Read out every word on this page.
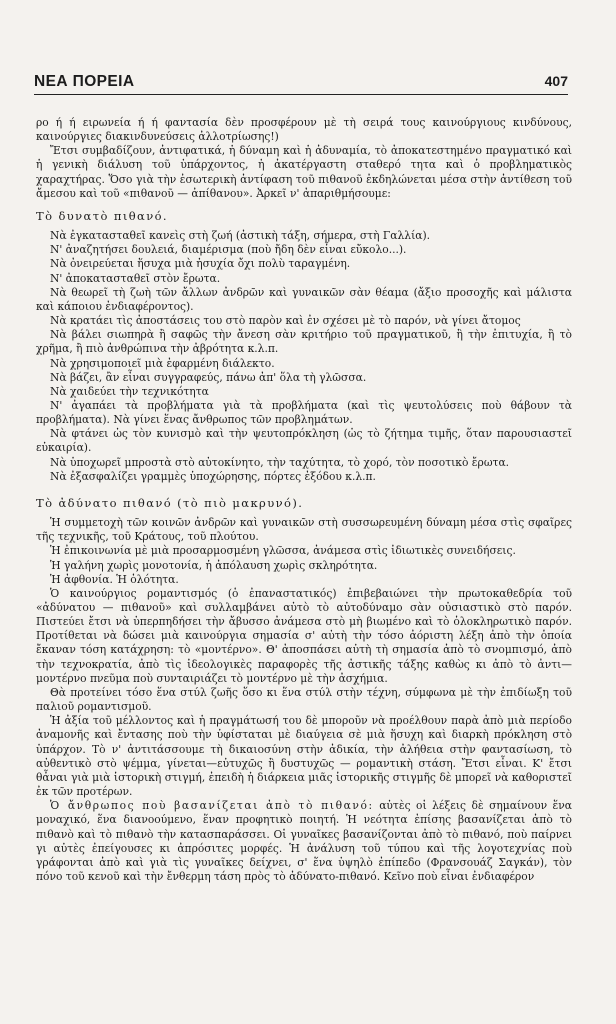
ΝΕΑ ΠΟΡΕΙΑ	407

ρο ή ή ειρωνεία ή ή φαντασία δὲν προσφέρουν μὲ τὴ σειρά τους καινούργιους κινδύνους, καινούργιες διακινδυνεύσεις ἀλλοτρίωσης!)

Ἔτσι συμβαδίζουν, ἀντιφατικά, ἡ δύναμη καὶ ἡ ἀδυναμία, τὸ ἀποκατεστημένο πραγματικό καὶ ἡ γενικὴ διάλυση τοῦ ὑπάρχοντος, ἡ ἀκατέργαστη σταθερό τητα καὶ ὁ προβληματικὸς χαραχτήρας. Ὅσο γιὰ τὴν ἐσωτερικὴ ἀντίφαση τοῦ πιθανοῦ ἐκδηλώνεται μέσα στὴν ἀντίθεση τοῦ ἄμεσου καὶ τοῦ «πιθανοῦ — ἀπίθανου». Ἀρκεῖ ν' ἀπαριθμήσουμε:

Τὸ δυνατὸ πιθανό.

Νὰ ἐγκατασταθεῖ κανεὶς στὴ ζωή (ἀστικὴ τάξη, σήμερα, στὴ Γαλλία).

Ν' ἀναζητήσει δουλειά, διαμέρισμα (ποὺ ἤδη δὲν εἶναι εὔκολο...).

Νὰ ὀνειρεύεται ἥσυχα μιὰ ἡσυχία ὄχι πολὺ ταραγμένη.

Ν' ἀποκατασταθεῖ στὸν ἔρωτα.

Νὰ θεωρεῖ τὴ ζωὴ τῶν ἄλλων ἀνδρῶν καὶ γυναικῶν σὰν θέαμα (ἄξιο προσοχῆς καὶ μάλιστα καὶ κάποιου ἐνδιαφέροντος).

Νὰ κρατάει τὶς ἀποστάσεις του στὸ παρὸν καὶ ἐν σχέσει μὲ τὸ παρόν, νὰ γίνει ἄτομος

Νὰ βάλει σιωπηρὰ ἢ σαφῶς τὴν ἄνεση σὰν κριτήριο τοῦ πραγματικοῦ, ἢ τὴν ἐπιτυχία, ἢ τὸ χρῆμα, ἢ πιὸ ἀνθρώπινα τὴν ἀβρότητα κ.λ.π.

Νὰ χρησιμοποιεῖ μιὰ ἐφαρμένη διάλεκτο.

Νὰ βάζει, ἂν εἶναι συγγραφεύς, πάνω ἀπ' ὅλα τὴ γλῶσσα.

Νὰ χαιδεύει τὴν τεχνικότητα

Ν' ἀγαπάει τὰ προβλήματα γιὰ τὰ προβλήματα (καὶ τὶς ψευτολύσεις ποὺ θάβουν τὰ προβλήματα). Νὰ γίνει ἕνας ἄνθρωπος τῶν προβλημάτων.

Νὰ φτάνει ὡς τὸν κυνισμὸ καὶ τὴν ψευτοπρόκληση (ὡς τὸ ζήτημα τιμῆς, ὅταν παρουσιαστεῖ εὐκαιρία).

Νὰ ὑποχωρεῖ μπροστὰ στὸ αὐτοκίνητο, τὴν ταχύτητα, τὸ χορό, τὸν ποσοτικὸ ἔρωτα.

Νὰ ἐξασφαλίζει γραμμὲς ὑποχώρησης, πόρτες ἐξόδου κ.λ.π.

Τὸ ἀδύνατο πιθανό (τὸ πιὸ μακρυνό).

Ἡ συμμετοχὴ τῶν κοινῶν ἀνδρῶν καὶ γυναικῶν στὴ συσσωρευμένη δύναμη μέσα στὶς σφαῖρες τῆς τεχνικῆς, τοῦ Κράτους, τοῦ πλούτου.

Ἡ ἐπικοινωνία μὲ μιὰ προσαρμοσμένη γλῶσσα, ἀνάμεσα στὶς ἰδιωτικὲς συνειδήσεις.

Ἡ γαλήνη χωρὶς μονοτονία, ἡ ἀπόλαυση χωρὶς σκληρότητα.

Ἡ ἀφθονία. Ἡ ὁλότητα.

Ὁ καινούργιος ρομαντισμός (ὁ ἐπαναστατικός) ἐπιβεβαιώνει τὴν πρωτοκαθεδρία τοῦ «ἀδύνατου — πιθανοῦ» καὶ συλλαμβάνει αὐτὸ τὸ αὐτοδύναμο σὰν οὐσιαστικὸ στὸ παρόν. Πιστεύει ἔτσι νὰ ὑπερπηδήσει τὴν ἄβυσσο ἀνάμεσα στὸ μὴ βιωμένο καὶ τὸ ὁλοκληρωτικὸ παρόν. Προτίθεται νὰ δώσει μιὰ καινούργια σημασία σ' αὐτὴ τὴν τόσο ἀόριστη λέξη ἀπὸ τὴν ὁποία ἔκαναν τόση κατάχρηση: τὸ «μοντέρνο». Θ' ἀποσπάσει αὐτὴ τὴ σημασία ἀπὸ τὸ σνομπισμό, ἀπὸ τὴν τεχνοκρατία, ἀπὸ τὶς ἰδεολογικὲς παραφορὲς τῆς ἀστικῆς τάξης καθὼς κι ἀπὸ τὸ ἀντι—μοντέρνο πνεῦμα ποὺ συνταιριάζει τὸ μοντέρνο μὲ τὴν ἀσχήμια.

Θὰ προτείνει τόσο ἕνα στύλ ζωῆς ὅσο κι ἕνα στύλ στὴν τέχνη, σύμφωνα μὲ τὴν ἐπιδίωξη τοῦ παλιοῦ ρομαντισμοῦ.

Ἡ ἀξία τοῦ μέλλοντος καὶ ἡ πραγμάτωσή του δὲ μποροῦν νὰ προέλθουν παρὰ ἀπὸ μιὰ περίοδο ἀναμονῆς καὶ ἔντασης ποὺ τὴν ὑφίσταται μὲ διαύγεια σὲ μιὰ ἥσυχη καὶ διαρκὴ πρόκληση στὸ ὑπάρχον. Τὸ ν' ἀντιτάσσουμε τὴ δικαιοσύνη στὴν ἀδικία, τὴν ἀλήθεια στὴν φαντασίωση, τὸ αὐθεντικὸ στὸ ψέμμα, γίνεται—εὐτυχῶς ἢ δυστυχῶς — ρομαντικὴ στάση. Ἔτσι εἶναι. Κ' ἔτσι θἆναι γιὰ μιὰ ἱστορικὴ στιγμή, ἐπειδὴ ἡ διάρκεια μιᾶς ἱστορικῆς στιγμῆς δὲ μπορεῖ νὰ καθοριστεῖ ἐκ τῶν προτέρων.

Ὁ ἄνθρωπος ποὺ βασανίζεται ἀπὸ τὸ πιθανό: αὐτὲς οἱ λέξεις δὲ σημαίνουν ἕνα μοναχικό, ἕνα διανοούμενο, ἕναν προφητικὸ ποιητή. Ἡ νεότητα ἐπίσης βασανίζεται ἀπὸ τὸ πιθανὸ καὶ τὸ πιθανὸ τὴν κατασπαράσσει. Οἱ γυναῖκες βασανίζονται ἀπὸ τὸ πιθανό, ποὺ παίρνει γι αὐτὲς ἐπείγουσες κι ἀπρόσιτες μορφές. Ἡ ἀνάλυση τοῦ τύπου καὶ τῆς λογοτεχνίας ποὺ γράφονται ἀπὸ καὶ γιὰ τὶς γυναῖκες δείχνει, σ' ἕνα ὑψηλὸ ἐπίπεδο (Φρανσουάζ Σαγκάν), τὸν πόνο τοῦ κενοῦ καὶ τὴν ἔνθερμη τάση πρὸς τὸ ἀδύνατο-πιθανό. Κεῖνο ποὺ εἶναι ἐνδιαφέρον
